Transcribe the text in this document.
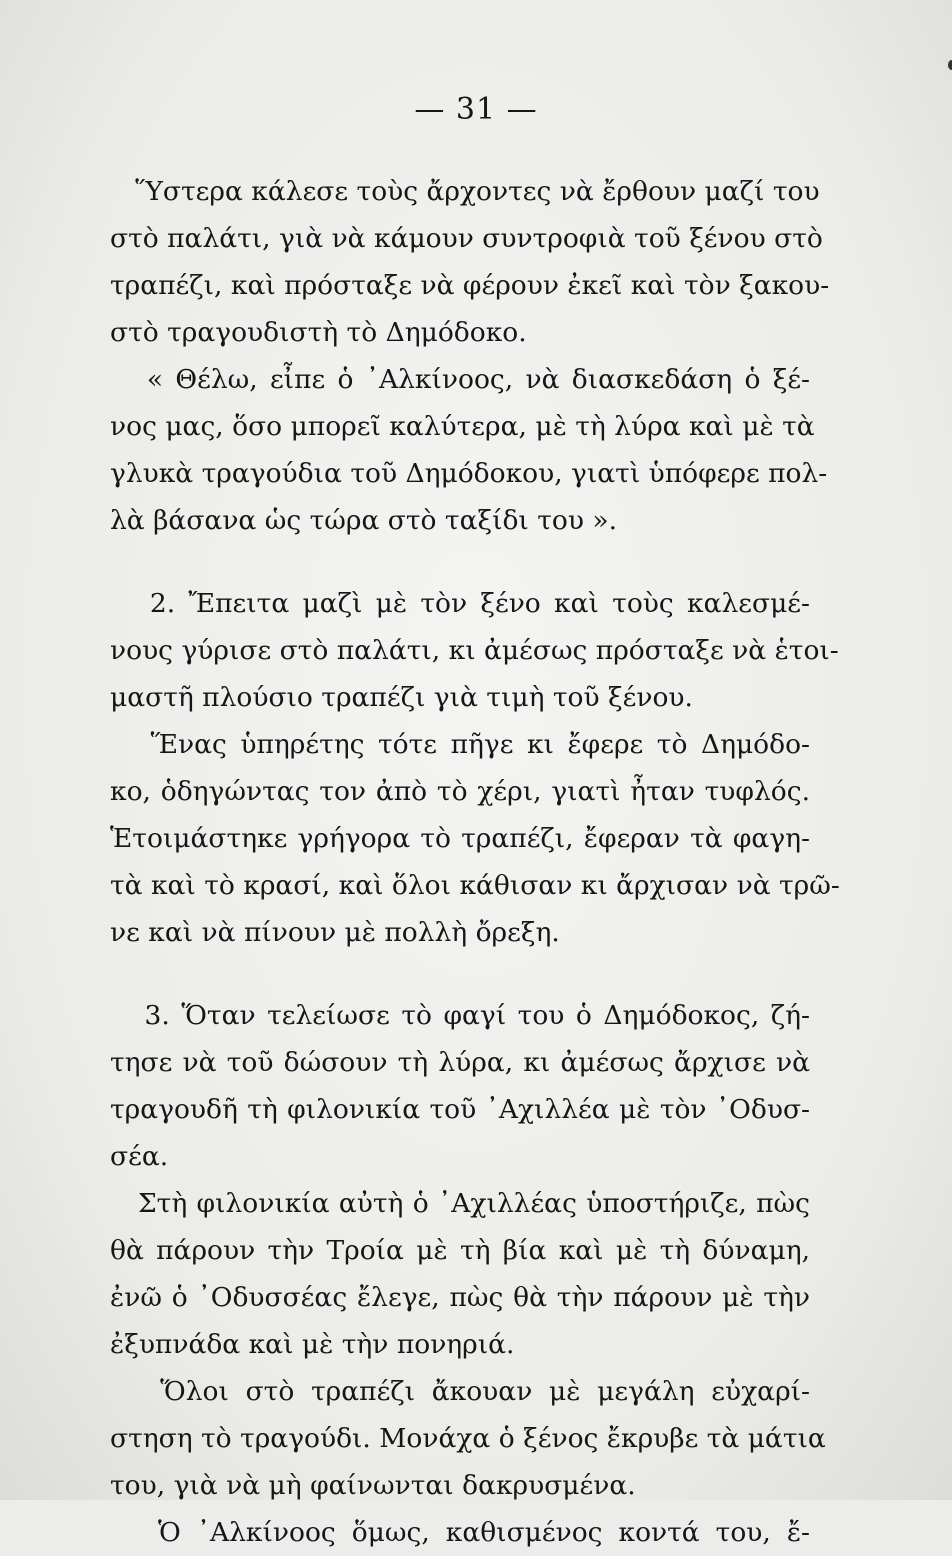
— 31 —
Ὕστερα κάλεσε τοὺς ἄρχοντες νὰ ἔρθουν μαζί του
στὸ παλάτι, γιὰ νὰ κάμουν συντροφιὰ τοῦ ξένου στὸ
τραπέζι, καὶ πρόσταξε νὰ φέρουν ἐκεῖ καὶ τὸν ξακου-
στὸ τραγουδιστὴ τὸ Δημόδοκο.
« Θέλω, εἶπε ὁ ᾿Αλκίνοος, νὰ διασκεδάση ὁ ξέ-
νος μας, ὅσο μπορεῖ καλύτερα, μὲ τὴ λύρα καὶ μὲ τὰ
γλυκὰ τραγούδια τοῦ Δημόδοκου, γιατὶ ὑπόφερε πολ-
λὰ βάσανα ὡς τώρα στὸ ταξίδι του ».
2. Ἔπειτα μαζὶ μὲ τὸν ξένο καὶ τοὺς καλεσμέ-
νους γύρισε στὸ παλάτι, κι ἀμέσως πρόσταξε νὰ ἑτοι-
μαστῆ πλούσιο τραπέζι γιὰ τιμὴ τοῦ ξένου.
Ἕνας ὑπηρέτης τότε πῆγε κι ἔφερε τὸ Δημόδο-
κο, ὁδηγώντας τον ἀπὸ τὸ χέρι, γιατὶ ἦταν τυφλός.
Ἑτοιμάστηκε γρήγορα τὸ τραπέζι, ἔφεραν τὰ φαγη-
τὰ καὶ τὸ κρασί, καὶ ὅλοι κάθισαν κι ἄρχισαν νὰ τρῶ-
νε καὶ νὰ πίνουν μὲ πολλὴ ὄρεξη.
3. Ὅταν τελείωσε τὸ φαγί του ὁ Δημόδοκος, ζή-
τησε νὰ τοῦ δώσουν τὴ λύρα, κι ἀμέσως ἄρχισε νὰ
τραγουδῆ τὴ φιλονικία τοῦ ᾿Αχιλλέα μὲ τὸν ᾿Οδυσ-
σέα.
Στὴ φιλονικία αὐτὴ ὁ ᾿Αχιλλέας ὑποστήριζε, πὼς
θὰ πάρουν τὴν Τροία μὲ τὴ βία καὶ μὲ τὴ δύναμη,
ἐνῶ ὁ ᾿Οδυσσέας ἔλεγε, πὼς θὰ τὴν πάρουν μὲ τὴν
ἐξυπνάδα καὶ μὲ τὴν πονηριά.
Ὅλοι στὸ τραπέζι ἄκουαν μὲ μεγάλη εὐχαρί-
στηση τὸ τραγούδι. Μονάχα ὁ ξένος ἔκρυβε τὰ μάτια
του, γιὰ νὰ μὴ φαίνωνται δακρυσμένα.
Ὁ ᾿Αλκίνοος ὅμως, καθισμένος κοντά του, ἔ-
